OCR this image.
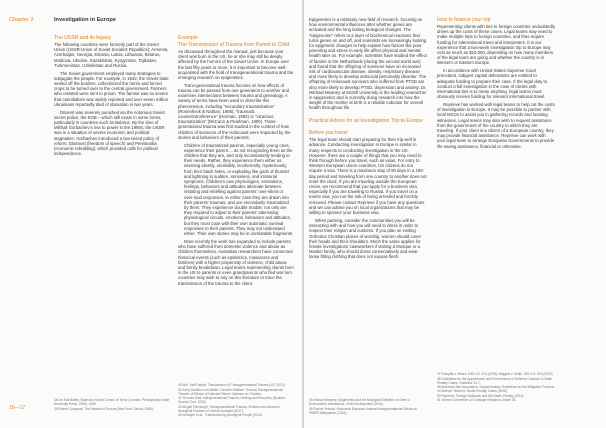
Chapter 2	Investigation in Europe
The USSR and its legacy

The following countries were formerly part of the Soviet Union (USSR-Union of Soviet Socialist Republics): Armenia, Azerbaijan, Georgia, Estonia, Latvia, Lithuania, Belarus, Moldova, Ukraine, Kazakhstan, Kyrgyzstan, Tajikistan, Turkmenistan, Uzbekistan and Russia.

The Soviet government employed many strategies to subjugate the people. For example, in 1943, the Soviet state sealed off the borders, collectivized the farms and forced crops to be turned over to the central government. Farmers who resisted were sent to prison. The famine was so severe that cannibalism was widely reported and over seven million Ukrainians reportedly died of starvation in two years.

Dissent was severely punished via the notorious Soviet secret police, the KGB – which still exists in some forms, particularly in countries such as Belarus. By the time of Mikhail Gorbachev’s rise to power in the 1980s, the USSR was in a situation of severe economic and political stagnation. Gorbachev introduced a two-tiered policy of reform; Glasnost (freedom of speech) and Perestroika (economic rebuilding), which provided calls for political independence.

Example:
The Transmission of Trauma from Parent to Child

As discussed throughout the manual, just because your client was born in the US, he or she may still be deeply affected by the horrors of the Soviet Union. In Europe over the last fifty years or more, it is important to become well-acquainted with the field of transgenerational trauma and the emerging research on epigenetics.

Trans-generational trauma focuses on how effects of trauma can be passed from one generation to another and examines intersections between trauma and genealogy. A variety of terms have been used to describe this phenomenon, including “secondary traumatization” (Rosenheck & Nathan, 1985), “traumatic countertransference” (Herman, 1992) or “vicarious traumatization” (McCann & Pearlman, 1990). Trans-generational trauma was first studied in the context of how children of survivors of the Holocaust were impacted by the stories and behaviors of their parents:

Children of traumatized parents, especially young ones, experience their parent ... as not recognizing them as the children that they are, and only inconsistently tending to their needs. Rather, they experience them either as seeming silently, unreliably, incoherently, mysteriously, from their black holes, or exploding like gods of thunder and lightning in sudden, senseless, and irrational symptoms. Children’s own physiologies, sensations, feelings, behaviors and attitudes alternate between imitating and rebelling against parents’ over-silent or over-loud responses. In either case they are drawn into their parents’ traumas, and are secondarily traumatized by them. They experience double trouble: not only are they required to adjust to their parents’ alternating physiological circuits, emotions, behaviors and attitudes, but they must cope with their own automatic survival responses to their parents. They may not understand either. Their own stories may be in unrelatable fragments.

More recently the work has expanded to include parents who have suffered from domestic violence and abuse as children themselves. Australian researchers have connected historical events (such as epidemics, massacres and famines) with a higher propensity of violence, child abuse and family breakdown. Legal teams representing clients born in the US to parents or even grandparents who fled war torn countries may wish to rely on this literature to trace the transmission of the trauma to the client.

38 Ian Hall Bailey, State and Soviet Control of Terror (London: Pennsylvania State University Press, 2004), 1996.
39 Robert Conquest, The Harvest of Sorrow (New York: Oxford, 1986).
40 Ibid. Yael Danieli, Transmission of Transgenerational Trauma (US, 2010).
41 Kerry Daniels Levi-Walter, Caroline Wallace, Trauma Transgenerational Transfer of Effects of Intimate Partner Violence on Children.
42 Thomas Hubl, Intergenerational Trauma, Healing and Recovery (Boulder: Sounds True, 2020).
43 Abigail Fairclough, Transgenerational Trauma, Violence and Abuse in Aboriginal Families of Central Australia (2017).
44 Kirmayer et al., Trauma Among Aboriginal People (2014).
16—17

Epigenetics is a relatively new field of research, focusing on how environmental influences alter whether genes are activated and the long lasting biological changes. The “epigenome” refers to a layer of biochemical reactions that turns genes on and off, and scientists are increasingly looking for epigenetic changes to help explain how factors like poor parenting and stress in early life affect physical and mental health later on. For example, scientists have studied the effect of famine in the Netherlands (during the second world war) and found that the offspring of survivors have an increased risk of cardiovascular disease, obesity, respiratory disease and more likely to develop antisocial personality disorder. The offspring of Holocaust survivors who suffered from PTSD are also more likely to develop PTSD, depression and anxiety. Dr. Michael Meaney at McGill University is the leading researcher in epigenetics and is currently doing research into how the weight of the mother at birth is a reliable indicator for overall health throughout life.

Practical Advice for an Investigation Trip to Europe
Before you travel

The legal team should start preparing for their trip well in advance. Conducting investigation in Europe is similar in many respects to conducting investigation in the US. However, there are a couple of things that you may need to think through before you travel, such as visas. For entry to Western European Union countries, US citizens do not require a visa. There is a maximum stay of 90 days in a 180-day period and traveling from one country to another does not reset the clock. If you are traveling outside the European Union, we recommend that you apply for a business visa, especially if you are traveling to Russia. If you travel on a tourist visa, you run the risk of being arrested and forcibly removed. Please contact Reprieve if you have any questions and we can advise you on local organizations that may be willing to sponsor your business visa.

When packing, consider the communities you will be interacting with and how you will need to dress in order to respect their religion and customs. If you plan on visiting Orthodox Christian places of worship, women should cover their heads and their shoulders. Much the same applies for female investigators/ caseworkers if visiting a Mosque or a Muslim family, who should dress conservatively and wear loose fitting clothing that does not expose flesh.

How to finance your trip

Representing clients with ties to foreign countries undoubtedly drives up the costs of these cases. Legal teams may need to make multiple trips to foreign countries, and thus require funding for international travel and interpreters. It is our experience that a two-week investigation trip to Europe may cost as much as $10,000, depending on how many members of the legal team are going and whether the country is in Western or Eastern Europe.

In accordance with United States Supreme Court precedent, indigent capital defendants are entitled to adequate funding to prepare their case. If the legal duty to conduct a full investigation in the case of clients with international ties is to mean anything, legal teams must obviously receive funding for relevant international travel.

Reprieve has worked with legal teams to help cut the costs of investigation in Europe. It may be possible to partner with local NGOs to assist you in gathering records and locating witnesses. Legal teams may also wish to request assistance from the government of the country to which they are traveling. If your client is a citizen of a European country, they may provide financial assistance. Reprieve can work with your legal team to arrange European Governments to provide life-saving assistance, financial or otherwise.

45 Michael Meaney, Epigenetics and the Biological Definition of Gene x Environment Interactions, Child Development (2010).
46 Rachel Yehuda, Holocaust Exposure Induced Intergenerational Effects on FKBP5 Methylation (2016).
47 Rompilla v. Beard, 545 U.S. 374 (2005); Wiggins v. Smith, 539 U.S. 510 (2003).
48 Guidelines for the Appointment and Performance of Defense Counsel in Death Penalty Cases, Guideline 10.7.
49 American Bar Association, Supplementary Guidelines for the Mitigation Function of Defense Teams in Death Penalty Cases (2008).
50 Reprieve, Foreign Nationals and the Death Penalty (2019).
51 Vienna Convention on Consular Relations, Article 36.
